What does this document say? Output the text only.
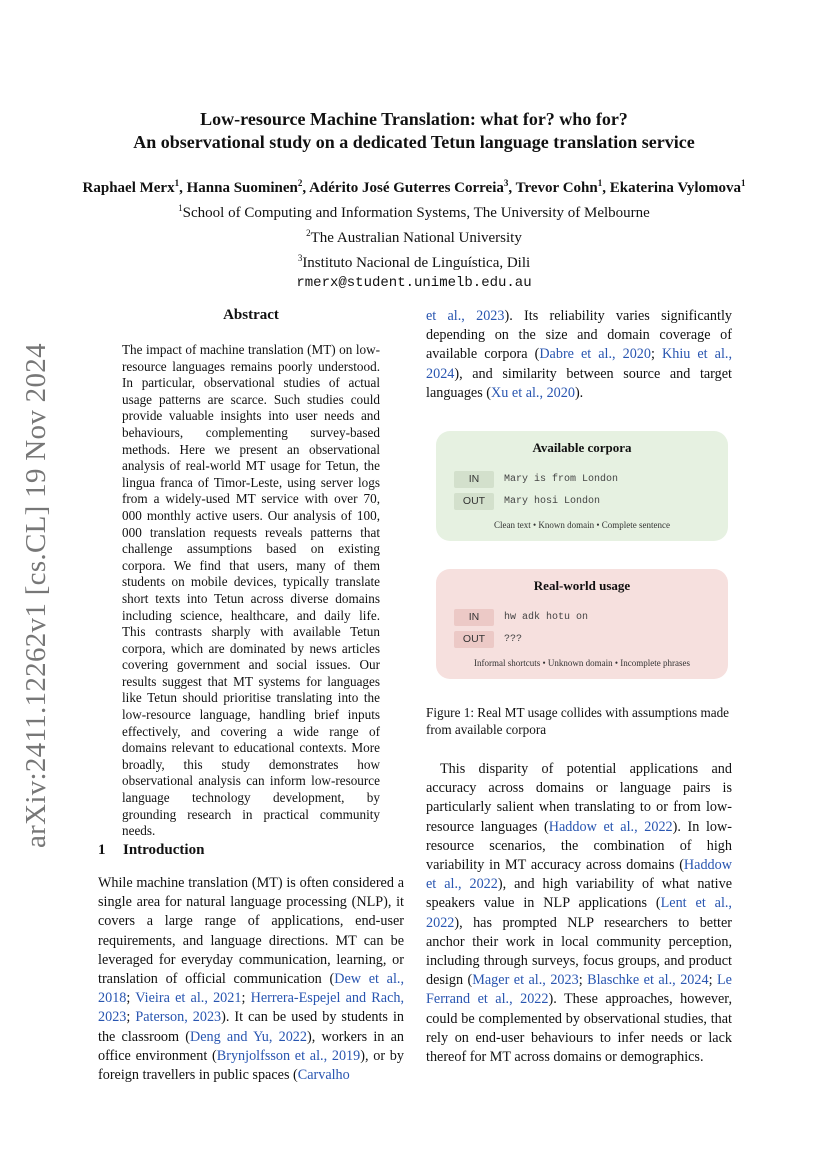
Low-resource Machine Translation: what for? who for?
An observational study on a dedicated Tetun language translation service
Raphael Merx$^1$, Hanna Suominen$^2$, Adérito José Guterres Correia$^3$, Trevor Cohn$^1$, Ekaterina Vylomova$^1$
$^1$School of Computing and Information Systems, The University of Melbourne
$^2$The Australian National University
$^3$Instituto Nacional de Linguística, Dili
rmerx@student.unimelb.edu.au
arXiv:2411.12262v1 [cs.CL] 19 Nov 2024
Abstract
The impact of machine translation (MT) on low-resource languages remains poorly understood. In particular, observational studies of actual usage patterns are scarce. Such studies could provide valuable insights into user needs and behaviours, complementing survey-based methods. Here we present an observational analysis of real-world MT usage for Tetun, the lingua franca of Timor-Leste, using server logs from a widely-used MT service with over 70, 000 monthly active users. Our analysis of 100, 000 translation requests reveals patterns that challenge assumptions based on existing corpora. We find that users, many of them students on mobile devices, typically translate short texts into Tetun across diverse domains including science, healthcare, and daily life. This contrasts sharply with available Tetun corpora, which are dominated by news articles covering government and social issues. Our results suggest that MT systems for languages like Tetun should prioritise translating into the low-resource language, handling brief inputs effectively, and covering a wide range of domains relevant to educational contexts. More broadly, this study demonstrates how observational analysis can inform low-resource language technology development, by grounding research in practical community needs.
1 Introduction
While machine translation (MT) is often considered a single area for natural language processing (NLP), it covers a large range of applications, end-user requirements, and language directions. MT can be leveraged for everyday communication, learning, or translation of official communication (Dew et al., 2018; Vieira et al., 2021; Herrera-Espejel and Rach, 2023; Paterson, 2023). It can be used by students in the classroom (Deng and Yu, 2022), workers in an office environment (Brynjolfsson et al., 2019), or by foreign travellers in public spaces (Carvalho
et al., 2023). Its reliability varies significantly depending on the size and domain coverage of available corpora (Dabre et al., 2020; Khiu et al., 2024), and similarity between source and target languages (Xu et al., 2020).
Available corpora
IN	Mary is from London
OUT	Mary hosi London
Clean text • Known domain • Complete sentence
Real-world usage
IN	hw adk hotu on
OUT	???
Informal shortcuts • Unknown domain • Incomplete phrases
Figure 1: Real MT usage collides with assumptions made from available corpora
This disparity of potential applications and accuracy across domains or language pairs is particularly salient when translating to or from low-resource languages (Haddow et al., 2022). In low-resource scenarios, the combination of high variability in MT accuracy across domains (Haddow et al., 2022), and high variability of what native speakers value in NLP applications (Lent et al., 2022), has prompted NLP researchers to better anchor their work in local community perception, including through surveys, focus groups, and product design (Mager et al., 2023; Blaschke et al., 2024; Le Ferrand et al., 2022). These approaches, however, could be complemented by observational studies, that rely on end-user behaviours to infer needs or lack thereof for MT across domains or demographics.
